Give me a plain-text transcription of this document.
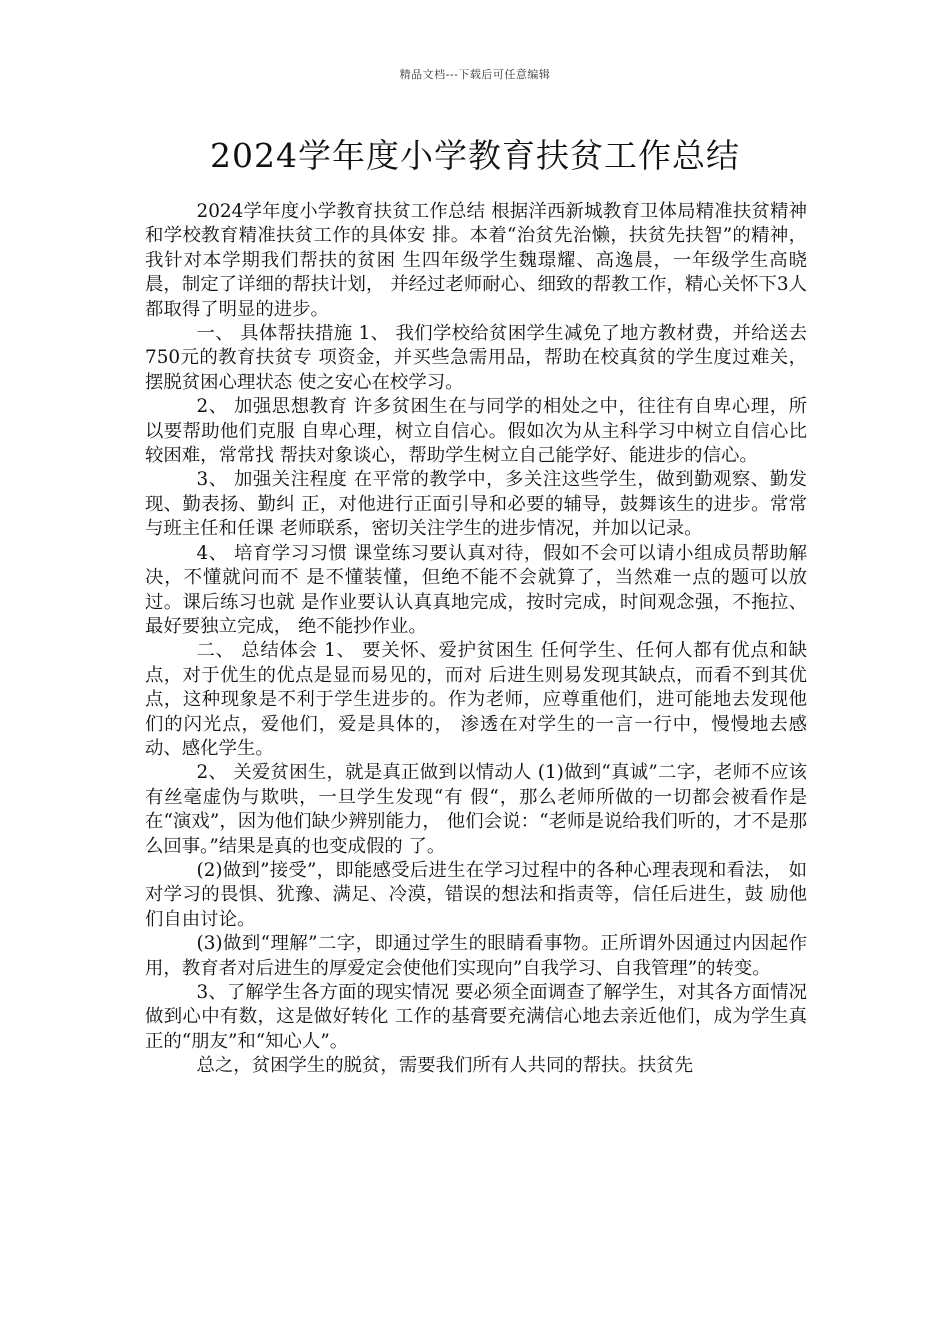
精品文档---下载后可任意编辑
2024学年度小学教育扶贫工作总结

2024学年度小学教育扶贫工作总结 根据洋西新城教育卫体局精准扶贫精神和学校教育精准扶贫工作的具体安 排。本着“治贫先治懒，扶贫先扶智”的精神，我针对本学期我们帮扶的贫困 生四年级学生魏璟耀、高逸晨，一年级学生高晓晨，制定了详细的帮扶计划， 并经过老师耐心、细致的帮教工作，精心关怀下3人都取得了明显的进步。

一、 具体帮扶措施 1、 我们学校给贫困学生减免了地方教材费，并给送去750元的教育扶贫专 项资金，并买些急需用品，帮助在校真贫的学生度过难关，摆脱贫困心理状态 使之安心在校学习。

2、 加强思想教育 许多贫困生在与同学的相处之中，往往有自卑心理，所以要帮助他们克服 自卑心理，树立自信心。假如次为从主科学习中树立自信心比较困难，常常找 帮扶对象谈心，帮助学生树立自己能学好、能进步的信心。

3、 加强关注程度 在平常的教学中，多关注这些学生，做到勤观察、勤发现、勤表扬、勤纠 正，对他进行正面引导和必要的辅导，鼓舞该生的进步。常常与班主任和任课 老师联系，密切关注学生的进步情况，并加以记录。

4、 培育学习习惯 课堂练习要认真对待，假如不会可以请小组成员帮助解决，不懂就问而不 是不懂装懂，但绝不能不会就算了，当然难一点的题可以放过。课后练习也就 是作业要认认真真地完成，按时完成，时间观念强，不拖拉、最好要独立完成， 绝不能抄作业。

二、 总结体会 1、 要关怀、爱护贫困生 任何学生、任何人都有优点和缺点，对于优生的优点是显而易见的，而对 后进生则易发现其缺点，而看不到其优点，这种现象是不利于学生进步的。作为老师，应尊重他们，进可能地去发现他们的闪光点，爱他们，爱是具体的， 渗透在对学生的一言一行中，慢慢地去感动、感化学生。

2、 关爱贫困生，就是真正做到以情动人 (1)做到“真诚”二字，老师不应该有丝毫虚伪与欺哄，一旦学生发现“有 假“，那么老师所做的一切都会被看作是在“演戏”，因为他们缺少辨别能力， 他们会说：“老师是说给我们听的，才不是那么回事。”结果是真的也变成假的 了。

(2)做到”接受”，即能感受后进生在学习过程中的各种心理表现和看法， 如对学习的畏惧、犹豫、满足、冷漠，错误的想法和指责等，信任后进生，鼓 励他们自由讨论。

(3)做到“理解”二字，即通过学生的眼睛看事物。正所谓外因通过内因起作 用，教育者对后进生的厚爱定会使他们实现向”自我学习、自我管理”的转变。

3、了解学生各方面的现实情况 要必须全面调查了解学生，对其各方面情况做到心中有数，这是做好转化 工作的基膏要充满信心地去亲近他们，成为学生真正的“朋友”和“知心人”。

总之，贫困学生的脱贫，需要我们所有人共同的帮扶。扶贫先
